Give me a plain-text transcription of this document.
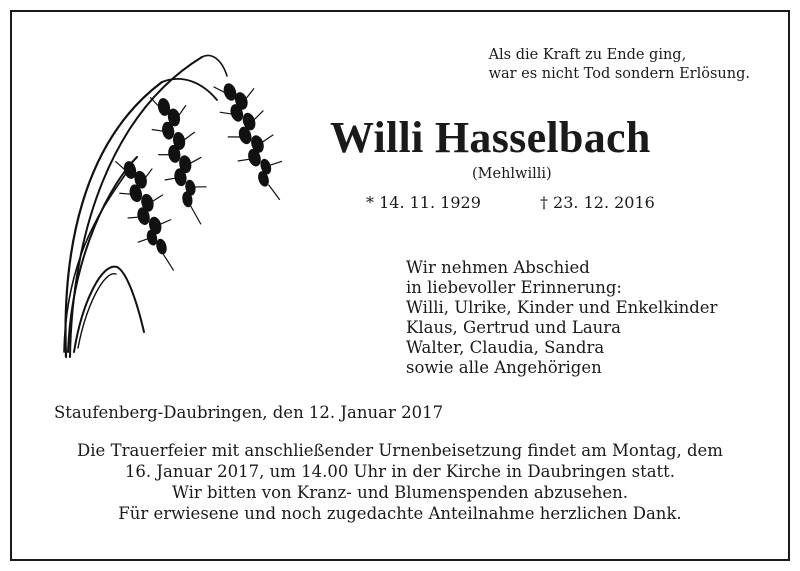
Als die Kraft zu Ende ging,
war es nicht Tod sondern Erlösung.
Willi Hasselbach
(Mehlwilli)
* 14. 11. 1929	† 23. 12. 2016
Wir nehmen Abschied
in liebevoller Erinnerung:
Willi, Ulrike, Kinder und Enkelkinder
Klaus, Gertrud und Laura
Walter, Claudia, Sandra
sowie alle Angehörigen
Staufenberg-Daubringen, den 12. Januar 2017
Die Trauerfeier mit anschließender Urnenbeisetzung findet am Montag, dem
16. Januar 2017, um 14.00 Uhr in der Kirche in Daubringen statt.
Wir bitten von Kranz- und Blumenspenden abzusehen.
Für erwiesene und noch zugedachte Anteilnahme herzlichen Dank.
